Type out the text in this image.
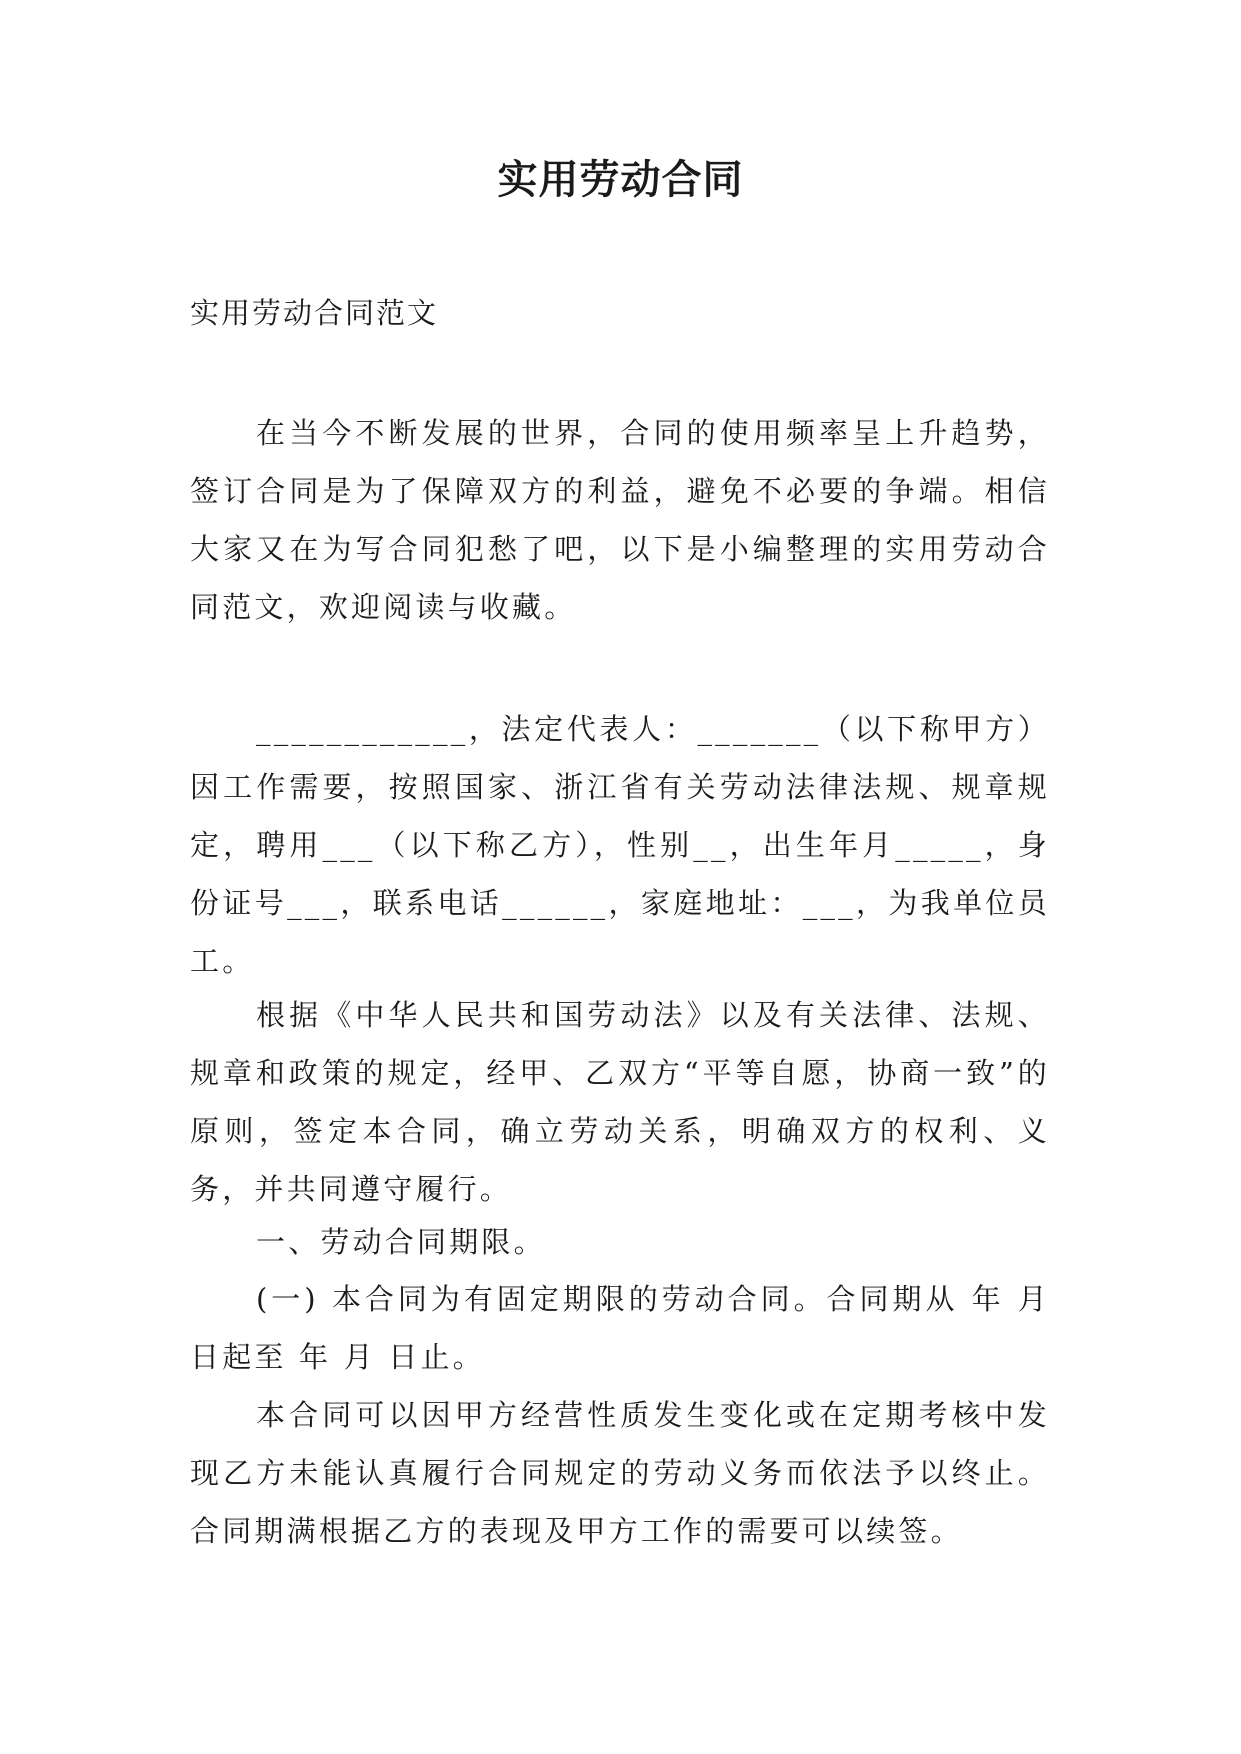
实用劳动合同

实用劳动合同范文

在当今不断发展的世界，合同的使用频率呈上升趋势，签订合同是为了保障双方的利益，避免不必要的争端。相信大家又在为写合同犯愁了吧，以下是小编整理的实用劳动合同范文，欢迎阅读与收藏。

____________，法定代表人：_______（以下称甲方）因工作需要，按照国家、浙江省有关劳动法律法规、规章规定，聘用___（以下称乙方），性别__，出生年月_____，身份证号___，联系电话______，家庭地址：___，为我单位员工。

根据《中华人民共和国劳动法》以及有关法律、法规、规章和政策的规定，经甲、乙双方“平等自愿，协商一致”的原则，签定本合同，确立劳动关系，明确双方的权利、义务，并共同遵守履行。

一、劳动合同期限。

(一) 本合同为有固定期限的劳动合同。合同期从 年 月 日起至 年 月 日止。

本合同可以因甲方经营性质发生变化或在定期考核中发现乙方未能认真履行合同规定的劳动义务而依法予以终止。合同期满根据乙方的表现及甲方工作的需要可以续签。
